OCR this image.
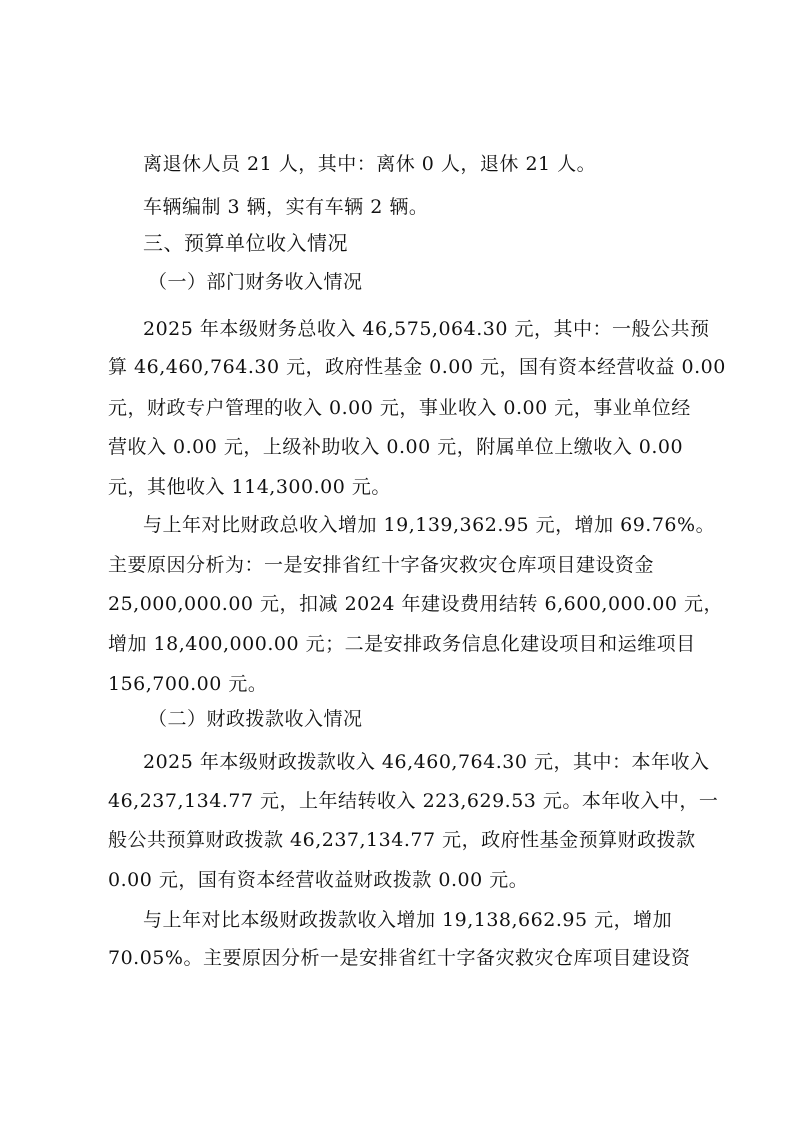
离退休人员 21 人，其中：离休 0 人，退休 21 人。
车辆编制 3 辆，实有车辆 2 辆。
三、预算单位收入情况
（一）部门财务收入情况
2025 年本级财务总收入 46,575,064.30 元，其中：一般公共预
算 46,460,764.30 元，政府性基金 0.00 元，国有资本经营收益 0.00
元，财政专户管理的收入 0.00 元，事业收入 0.00 元，事业单位经
营收入 0.00 元，上级补助收入 0.00 元，附属单位上缴收入 0.00
元，其他收入 114,300.00 元。
与上年对比财政总收入增加 19,139,362.95 元，增加 69.76%。
主要原因分析为：一是安排省红十字备灾救灾仓库项目建设资金
25,000,000.00 元，扣减 2024 年建设费用结转 6,600,000.00 元，
增加 18,400,000.00 元；二是安排政务信息化建设项目和运维项目
156,700.00 元。
（二）财政拨款收入情况
2025 年本级财政拨款收入 46,460,764.30 元，其中：本年收入
46,237,134.77 元，上年结转收入 223,629.53 元。本年收入中，一
般公共预算财政拨款 46,237,134.77 元，政府性基金预算财政拨款
0.00 元，国有资本经营收益财政拨款 0.00 元。
与上年对比本级财政拨款收入增加 19,138,662.95 元，增加
70.05%。主要原因分析一是安排省红十字备灾救灾仓库项目建设资
